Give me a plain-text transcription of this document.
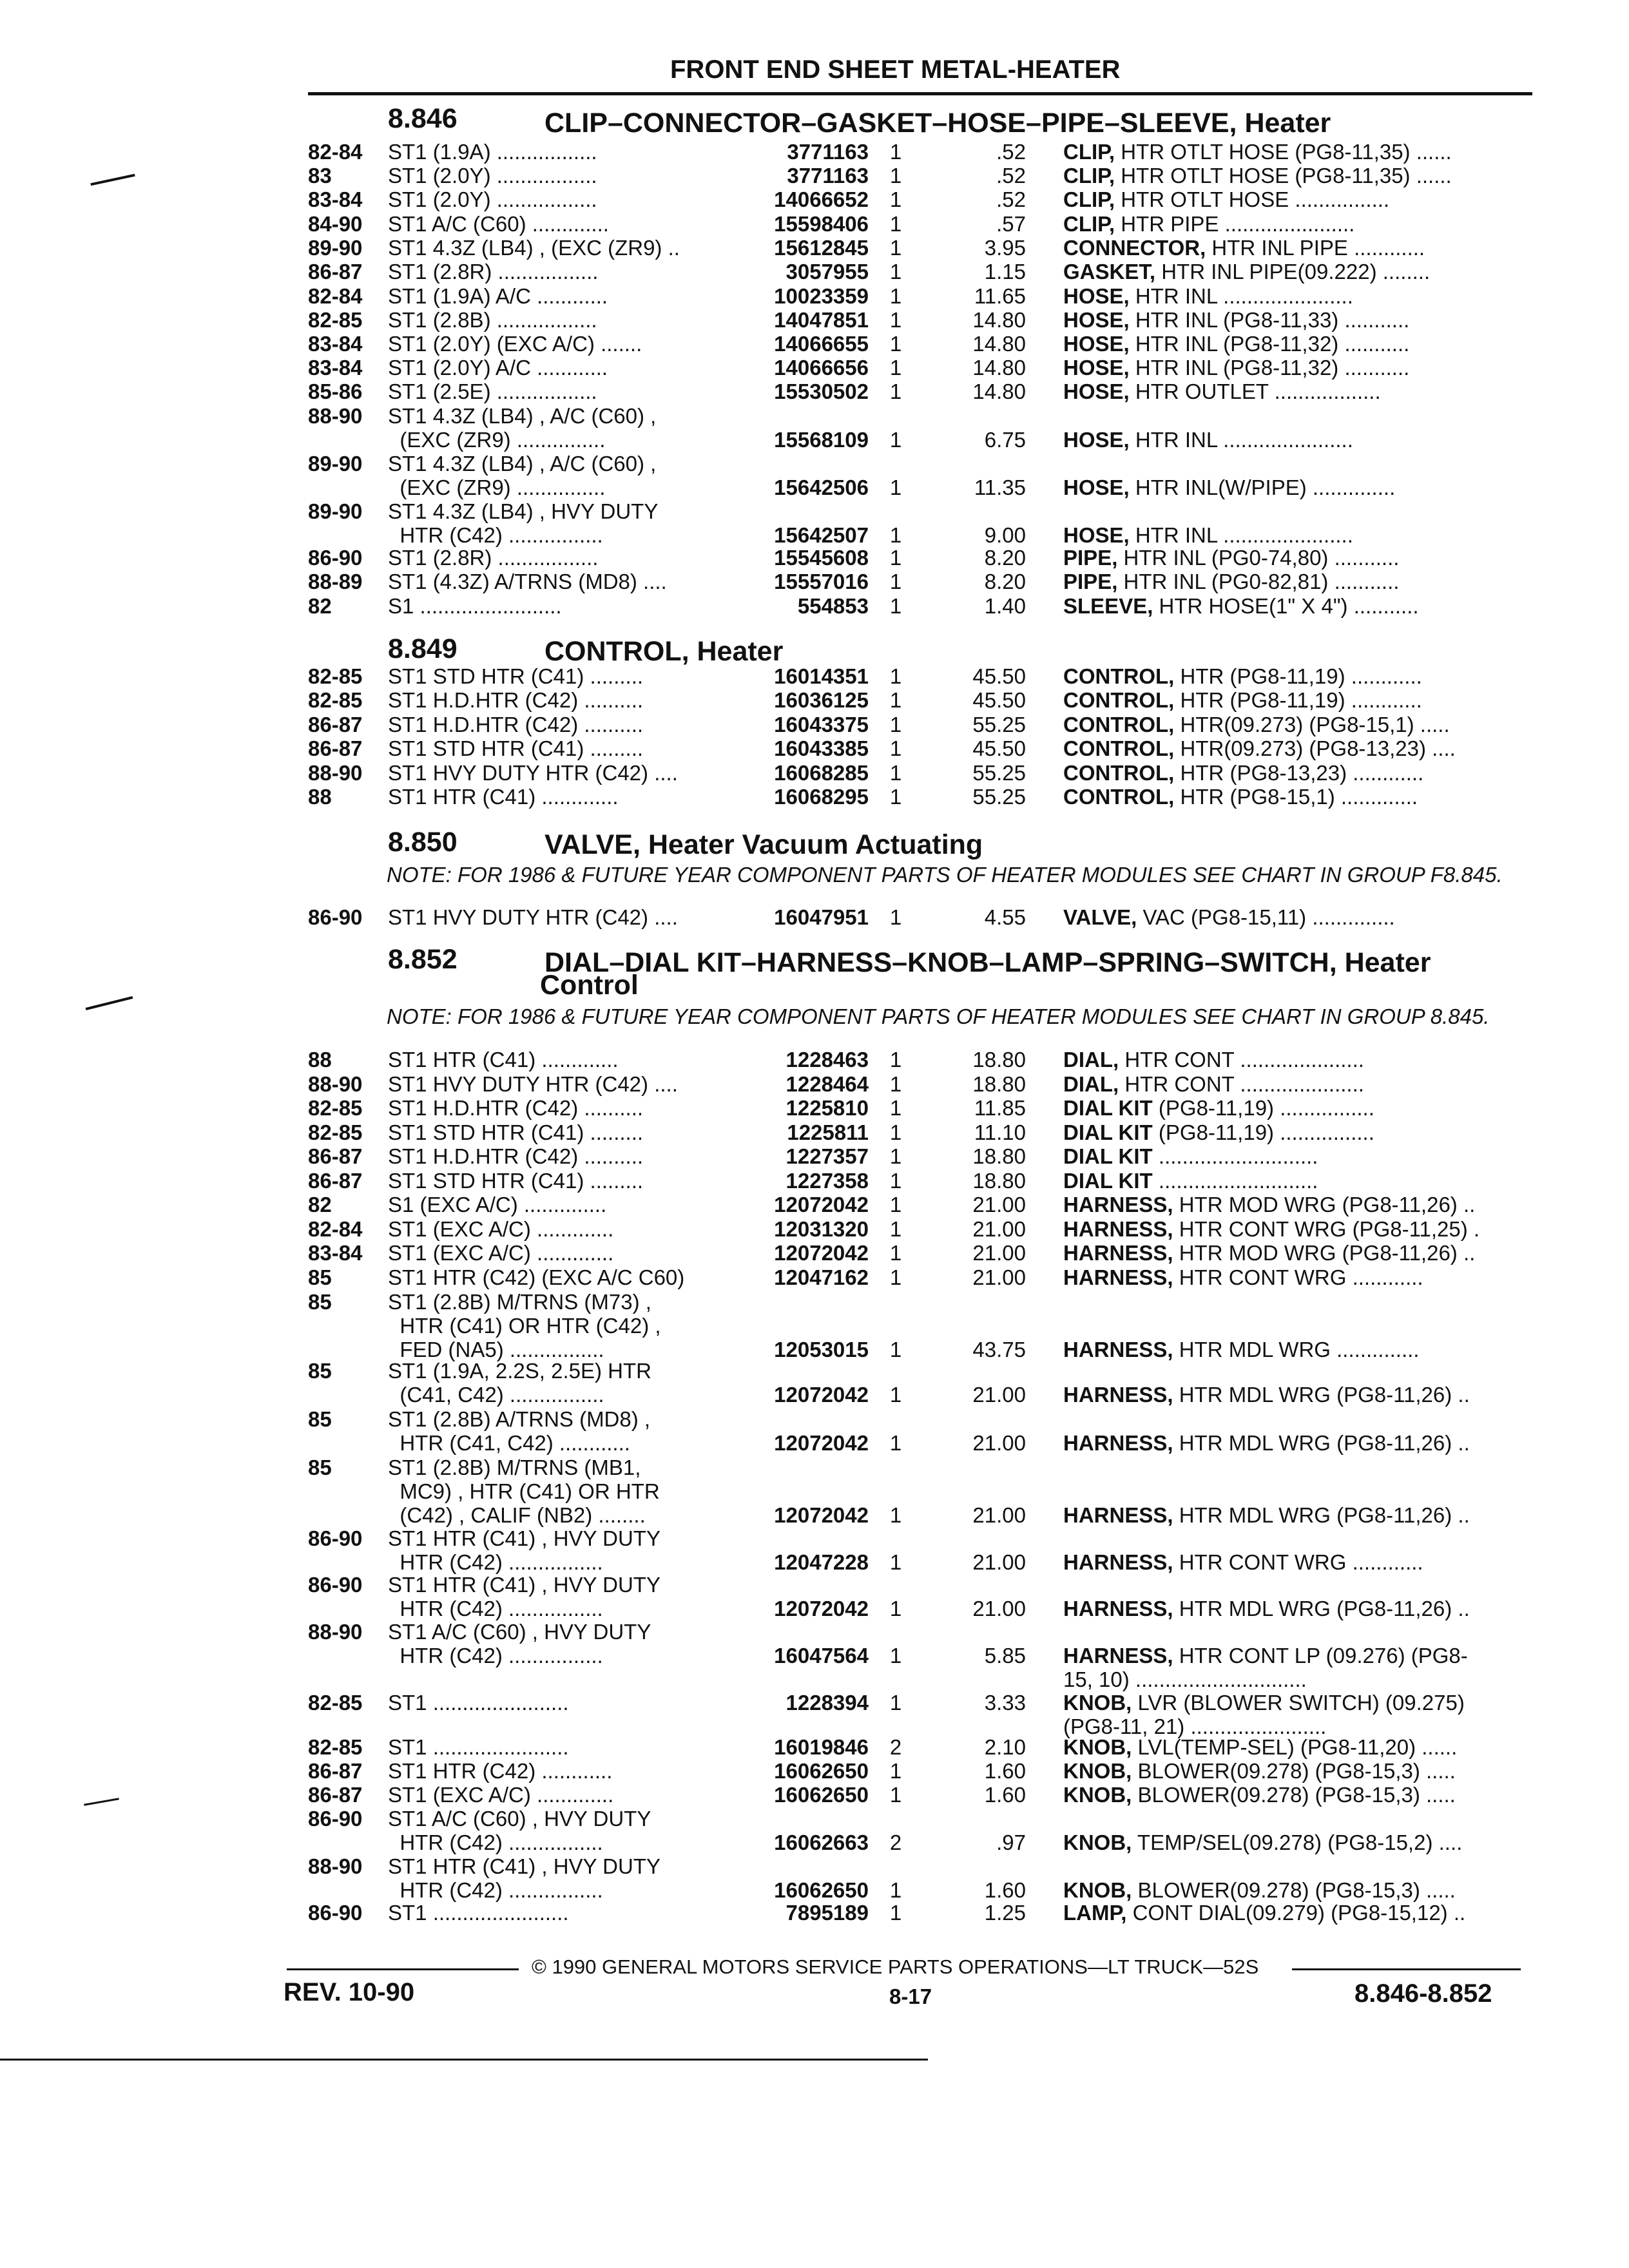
FRONT END SHEET METAL-HEATER
8.846	CLIP–CONNECTOR–GASKET–HOSE–PIPE–SLEEVE, Heater
8.849	CONTROL, Heater
8.850	VALVE, Heater Vacuum Actuating
NOTE: FOR 1986 & FUTURE YEAR COMPONENT PARTS OF HEATER MODULES SEE CHART IN GROUP F8.845.
8.852	DIAL–DIAL KIT–HARNESS–KNOB–LAMP–SPRING–SWITCH, Heater
Control
NOTE: FOR 1986 & FUTURE YEAR COMPONENT PARTS OF HEATER MODULES SEE CHART IN GROUP 8.845.
82-84 ST1 (1.9A) .................	3771163 1	.52 CLIP, HTR OTLT HOSE (PG8-11,35) ......
83	ST1 (2.0Y) .................	3771163 1	.52 CLIP, HTR OTLT HOSE (PG8-11,35) ......
83-84 ST1 (2.0Y) .................	14066652 1	.52 CLIP, HTR OTLT HOSE ................
84-90 ST1 A/C (C60) .............	15598406 1	.57 CLIP, HTR PIPE ......................
89-90 ST1 4.3Z (LB4) , (EXC (ZR9) ..	15612845 1	3.95 CONNECTOR, HTR INL PIPE ............
86-87 ST1 (2.8R) .................	3057955 1	1.15 GASKET, HTR INL PIPE(09.222) ........
82-84 ST1 (1.9A) A/C ............	10023359 1	11.65 HOSE, HTR INL ......................
82-85 ST1 (2.8B) .................	14047851 1	14.80 HOSE, HTR INL (PG8-11,33) ...........
83-84 ST1 (2.0Y) (EXC A/C) .......	14066655 1	14.80 HOSE, HTR INL (PG8-11,32) ...........
83-84 ST1 (2.0Y) A/C ............	14066656 1	14.80 HOSE, HTR INL (PG8-11,32) ...........
85-86 ST1 (2.5E) .................	15530502 1	14.80 HOSE, HTR OUTLET ..................
88-90 ST1 4.3Z (LB4) , A/C (C60) ,
(EXC (ZR9) ...............	15568109 1	6.75 HOSE, HTR INL ......................
89-90 ST1 4.3Z (LB4) , A/C (C60) ,
(EXC (ZR9) ...............	15642506 1	11.35 HOSE, HTR INL(W/PIPE) ..............
89-90 ST1 4.3Z (LB4) , HVY DUTY
HTR (C42) ................	15642507 1	9.00 HOSE, HTR INL ......................
86-90 ST1 (2.8R) .................	15545608 1	8.20 PIPE, HTR INL (PG0-74,80) ...........
88-89 ST1 (4.3Z) A/TRNS (MD8) ....	15557016 1	8.20 PIPE, HTR INL (PG0-82,81) ...........
82	S1 ........................	554853 1	1.40 SLEEVE, HTR HOSE(1" X 4") ...........
82-85 ST1 STD HTR (C41) .........	16014351 1	45.50 CONTROL, HTR (PG8-11,19) ............
82-85 ST1 H.D.HTR (C42) ..........	16036125 1	45.50 CONTROL, HTR (PG8-11,19) ............
86-87 ST1 H.D.HTR (C42) ..........	16043375 1	55.25 CONTROL, HTR(09.273) (PG8-15,1) .....
86-87 ST1 STD HTR (C41) .........	16043385 1	45.50 CONTROL, HTR(09.273) (PG8-13,23) ....
88-90 ST1 HVY DUTY HTR (C42) ....	16068285 1	55.25 CONTROL, HTR (PG8-13,23) ............
88	ST1 HTR (C41) .............	16068295 1	55.25 CONTROL, HTR (PG8-15,1) .............
86-90 ST1 HVY DUTY HTR (C42) ....	16047951 1	4.55 VALVE, VAC (PG8-15,11) ..............
88	ST1 HTR (C41) .............	1228463 1	18.80 DIAL, HTR CONT .....................
88-90 ST1 HVY DUTY HTR (C42) ....	1228464 1	18.80 DIAL, HTR CONT .....................
82-85 ST1 H.D.HTR (C42) ..........	1225810 1	11.85 DIAL KIT (PG8-11,19) ................
82-85 ST1 STD HTR (C41) .........	1225811 1	11.10 DIAL KIT (PG8-11,19) ................
86-87 ST1 H.D.HTR (C42) ..........	1227357 1	18.80 DIAL KIT ...........................
86-87 ST1 STD HTR (C41) .........	1227358 1	18.80 DIAL KIT ...........................
82	S1 (EXC A/C) ..............	12072042 1	21.00 HARNESS, HTR MOD WRG (PG8-11,26) ..
82-84 ST1 (EXC A/C) .............	12031320 1	21.00 HARNESS, HTR CONT WRG (PG8-11,25) .
83-84 ST1 (EXC A/C) .............	12072042 1	21.00 HARNESS, HTR MOD WRG (PG8-11,26) ..
85	ST1 HTR (C42) (EXC A/C C60)	12047162 1	21.00 HARNESS, HTR CONT WRG ............
85	ST1 (2.8B) M/TRNS (M73) ,
HTR (C41) OR HTR (C42) ,
FED (NA5) ................	12053015 1	43.75 HARNESS, HTR MDL WRG ..............
85	ST1 (1.9A, 2.2S, 2.5E) HTR
(C41, C42) ................	12072042 1	21.00 HARNESS, HTR MDL WRG (PG8-11,26) ..
85	ST1 (2.8B) A/TRNS (MD8) ,
HTR (C41, C42) ............	12072042 1	21.00 HARNESS, HTR MDL WRG (PG8-11,26) ..
85	ST1 (2.8B) M/TRNS (MB1,
MC9) , HTR (C41) OR HTR
(C42) , CALIF (NB2) ........	12072042 1	21.00 HARNESS, HTR MDL WRG (PG8-11,26) ..
86-90 ST1 HTR (C41) , HVY DUTY
HTR (C42) ................	12047228 1	21.00 HARNESS, HTR CONT WRG ............
86-90 ST1 HTR (C41) , HVY DUTY
HTR (C42) ................	12072042 1	21.00 HARNESS, HTR MDL WRG (PG8-11,26) ..
88-90 ST1 A/C (C60) , HVY DUTY
HTR (C42) ................	16047564 1	5.85 HARNESS, HTR CONT LP (09.276) (PG8-
15, 10) .............................
82-85 ST1 .......................	1228394 1	3.33 KNOB, LVR (BLOWER SWITCH) (09.275)
(PG8-11, 21) .......................
82-85 ST1 .......................	16019846 2	2.10 KNOB, LVL(TEMP-SEL) (PG8-11,20) ......
86-87 ST1 HTR (C42) ............	16062650 1	1.60 KNOB, BLOWER(09.278) (PG8-15,3) .....
86-87 ST1 (EXC A/C) .............	16062650 1	1.60 KNOB, BLOWER(09.278) (PG8-15,3) .....
86-90 ST1 A/C (C60) , HVY DUTY
HTR (C42) ................	16062663 2	.97 KNOB, TEMP/SEL(09.278) (PG8-15,2) ....
88-90 ST1 HTR (C41) , HVY DUTY
HTR (C42) ................	16062650 1	1.60 KNOB, BLOWER(09.278) (PG8-15,3) .....
86-90 ST1 .......................	7895189 1	1.25 LAMP, CONT DIAL(09.279) (PG8-15,12) ..
© 1990 GENERAL MOTORS SERVICE PARTS OPERATIONS—LT TRUCK—52S
REV. 10-90	8-17	8.846-8.852
